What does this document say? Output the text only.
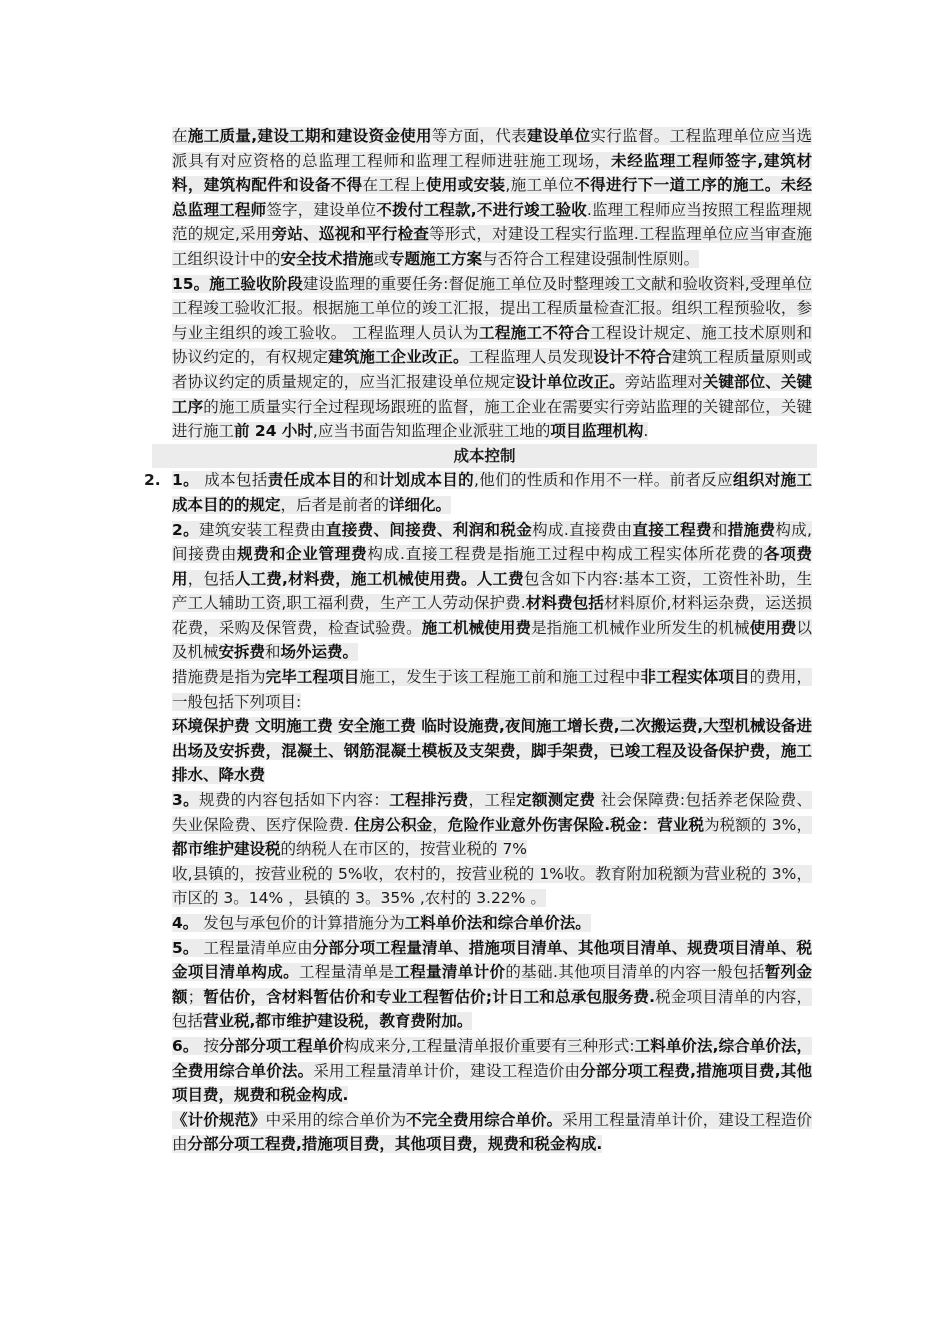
在施工质量,建设工期和建设资金使用等方面，代表建设单位实行监督。工程监理单位应当选派具有对应资格的总监理工程师和监理工程师进驻施工现场，未经监理工程师签字,建筑材料，建筑构配件和设备不得在工程上使用或安装,施工单位不得进行下一道工序的施工。未经总监理工程师签字，建设单位不拨付工程款,不进行竣工验收.监理工程师应当按照工程监理规范的规定,采用旁站、巡视和平行检查等形式，对建设工程实行监理.工程监理单位应当审查施工组织设计中的安全技术措施或专题施工方案与否符合工程建设强制性原则。

15。施工验收阶段建设监理的重要任务:督促施工单位及时整理竣工文献和验收资料,受理单位工程竣工验收汇报。根据施工单位的竣工汇报，提出工程质量检查汇报。组织工程预验收，参与业主组织的竣工验收。 工程监理人员认为工程施工不符合工程设计规定、施工技术原则和协议约定的，有权规定建筑施工企业改正。工程监理人员发现设计不符合建筑工程质量原则或者协议约定的质量规定的，应当汇报建设单位规定设计单位改正。旁站监理对关键部位、关键工序的施工质量实行全过程现场跟班的监督，施工企业在需要实行旁站监理的关键部位，关键进行施工前 24 小时,应当书面告知监理企业派驻工地的项目监理机构.

成本控制

2. 1。 成本包括责任成本目的和计划成本目的,他们的性质和作用不一样。前者反应组织对施工成本目的的规定，后者是前者的详细化。

2。建筑安装工程费由直接费、间接费、利润和税金构成.直接费由直接工程费和措施费构成,间接费由规费和企业管理费构成.直接工程费是指施工过程中构成工程实体所花费的各项费用，包括人工费,材料费，施工机械使用费。人工费包含如下内容:基本工资，工资性补助，生产工人辅助工资,职工福利费，生产工人劳动保护费.材料费包括材料原价,材料运杂费，运送损花费，采购及保管费，检查试验费。施工机械使用费是指施工机械作业所发生的机械使用费以及机械安拆费和场外运费。

措施费是指为完毕工程项目施工，发生于该工程施工前和施工过程中非工程实体项目的费用，一般包括下列项目:

环境保护费 文明施工费 安全施工费 临时设施费,夜间施工增长费,二次搬运费,大型机械设备进出场及安拆费，混凝土、钢筋混凝土模板及支架费，脚手架费，已竣工程及设备保护费，施工排水、降水费

3。规费的内容包括如下内容：工程排污费，工程定额测定费 社会保障费:包括养老保险费、失业保险费、医疗保险费. 住房公积金，危险作业意外伤害保险.税金：营业税为税额的 3%，都市维护建设税的纳税人在市区的，按营业税的 7%

收,县镇的，按营业税的 5%收，农村的，按营业税的 1%收。教育附加税额为营业税的 3%，市区的 3。14% ，县镇的 3。35% ,农村的 3.22% 。

4。 发包与承包价的计算措施分为工料单价法和综合单价法。

5。 工程量清单应由分部分项工程量清单、措施项目清单、其他项目清单、规费项目清单、税金项目清单构成。工程量清单是工程量清单计价的基础.其他项目清单的内容一般包括暂列金额；暂估价，含材料暂估价和专业工程暂估价;计日工和总承包服务费.税金项目清单的内容，包括营业税,都市维护建设税，教育费附加。

6。 按分部分项工程单价构成来分,工程量清单报价重要有三种形式:工料单价法,综合单价法，全费用综合单价法。采用工程量清单计价，建设工程造价由分部分项工程费,措施项目费,其他项目费，规费和税金构成.

《计价规范》中采用的综合单价为不完全费用综合单价。采用工程量清单计价，建设工程造价由分部分项工程费,措施项目费，其他项目费，规费和税金构成.
